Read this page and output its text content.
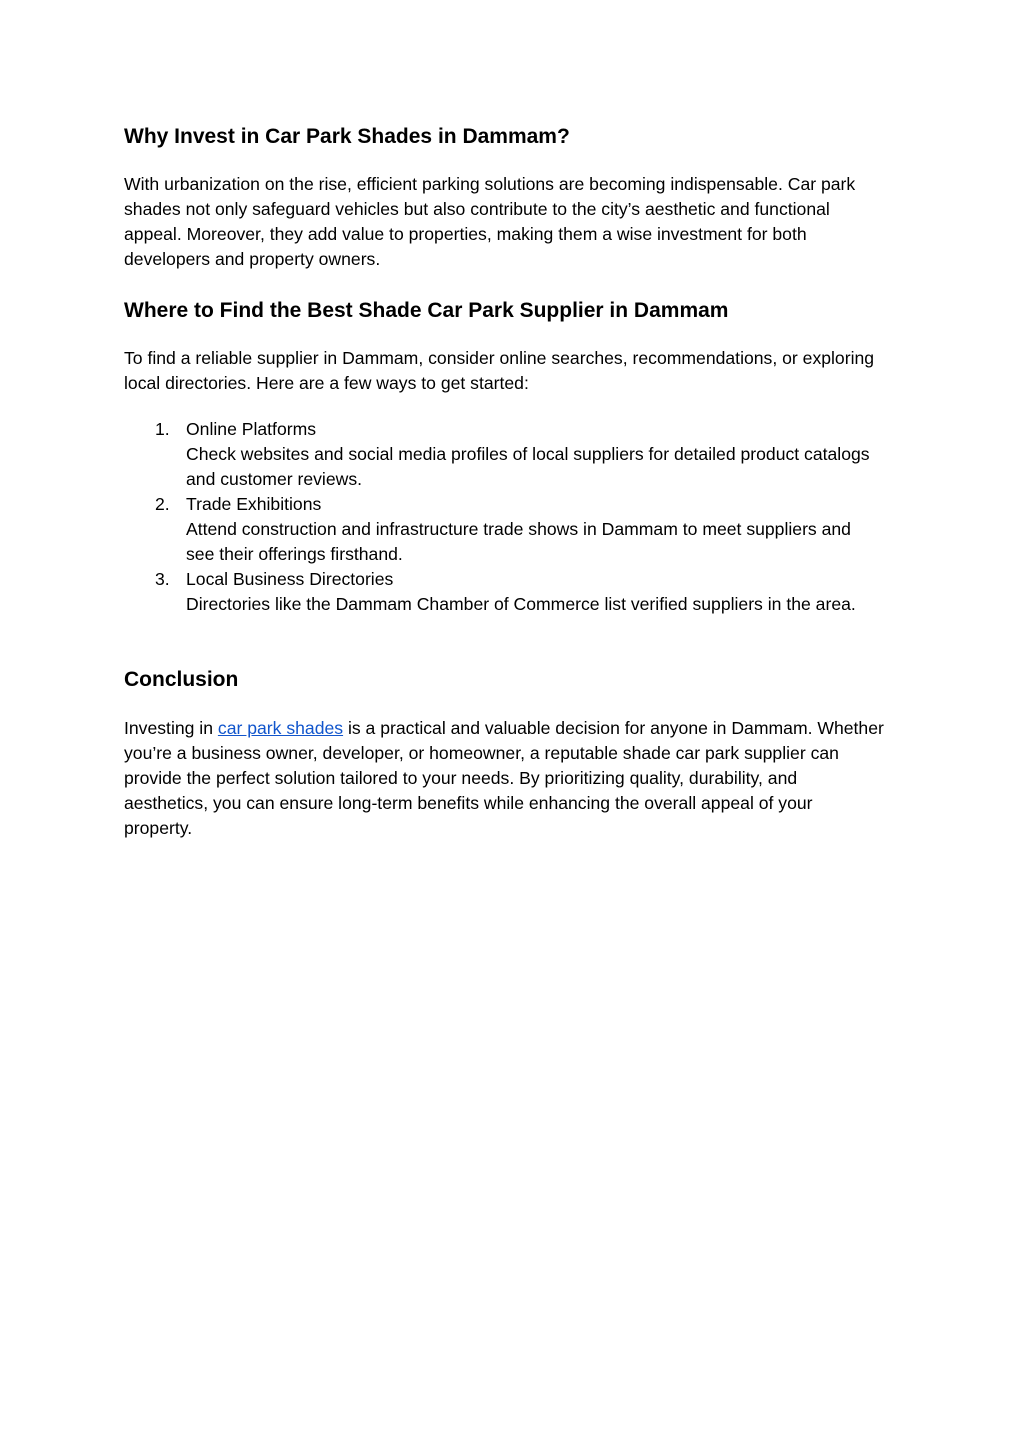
Why Invest in Car Park Shades in Dammam?

With urbanization on the rise, efficient parking solutions are becoming indispensable. Car park shades not only safeguard vehicles but also contribute to the city’s aesthetic and functional appeal. Moreover, they add value to properties, making them a wise investment for both developers and property owners.

Where to Find the Best Shade Car Park Supplier in Dammam

To find a reliable supplier in Dammam, consider online searches, recommendations, or exploring local directories. Here are a few ways to get started:

1. Online Platforms
Check websites and social media profiles of local suppliers for detailed product catalogs and customer reviews.
2. Trade Exhibitions
Attend construction and infrastructure trade shows in Dammam to meet suppliers and see their offerings firsthand.
3. Local Business Directories
Directories like the Dammam Chamber of Commerce list verified suppliers in the area.
Conclusion

Investing in car park shades is a practical and valuable decision for anyone in Dammam. Whether you’re a business owner, developer, or homeowner, a reputable shade car park supplier can provide the perfect solution tailored to your needs. By prioritizing quality, durability, and aesthetics, you can ensure long-term benefits while enhancing the overall appeal of your property.
